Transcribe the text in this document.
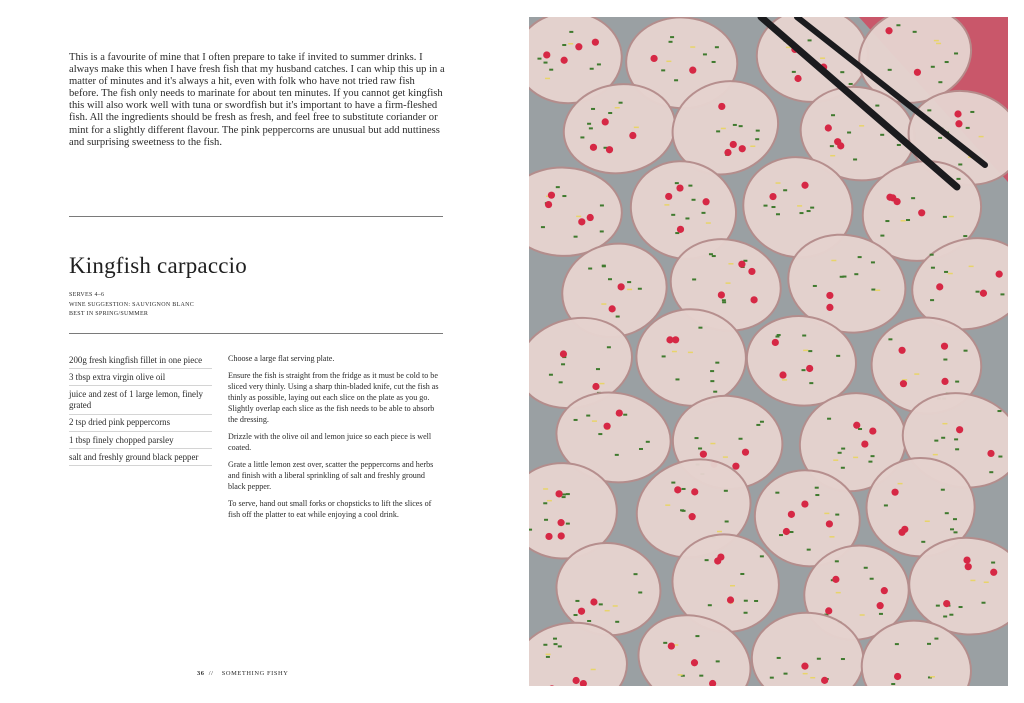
This is a favourite of mine that I often prepare to take if invited to summer drinks. I always make this when I have fresh fish that my husband catches. I can whip this up in a matter of minutes and it's always a hit, even with folk who have not tried raw fish before. The fish only needs to marinate for about ten minutes. If you cannot get kingfish this will also work well with tuna or swordfish but it's important to have a firm-fleshed fish. All the ingredients should be fresh as fresh, and feel free to substitute coriander or mint for a slightly different flavour. The pink peppercorns are unusual but add nuttiness and surprising sweetness to the fish.

Kingfish carpaccio
SERVES 4–6
WINE SUGGESTION: SAUVIGNON BLANC
BEST IN SPRING/SUMMER
200g fresh kingfish fillet in one piece
3 tbsp extra virgin olive oil
juice and zest of 1 large lemon, finely grated
2 tsp dried pink peppercorns
1 tbsp finely chopped parsley
salt and freshly ground black pepper

Choose a large flat serving plate.

Ensure the fish is straight from the fridge as it must be cold to be sliced very thinly. Using a sharp thin-bladed knife, cut the fish as thinly as possible, laying out each slice on the plate as you go. Slightly overlap each slice as the fish needs to be able to absorb the dressing.

Drizzle with the olive oil and lemon juice so each piece is well coated.

Grate a little lemon zest over, scatter the peppercorns and herbs and finish with a liberal sprinkling of salt and freshly ground black pepper.

To serve, hand out small forks or chopsticks to lift the slices of fish off the platter to eat while enjoying a cool drink.

36 // SOMETHING FISHY
